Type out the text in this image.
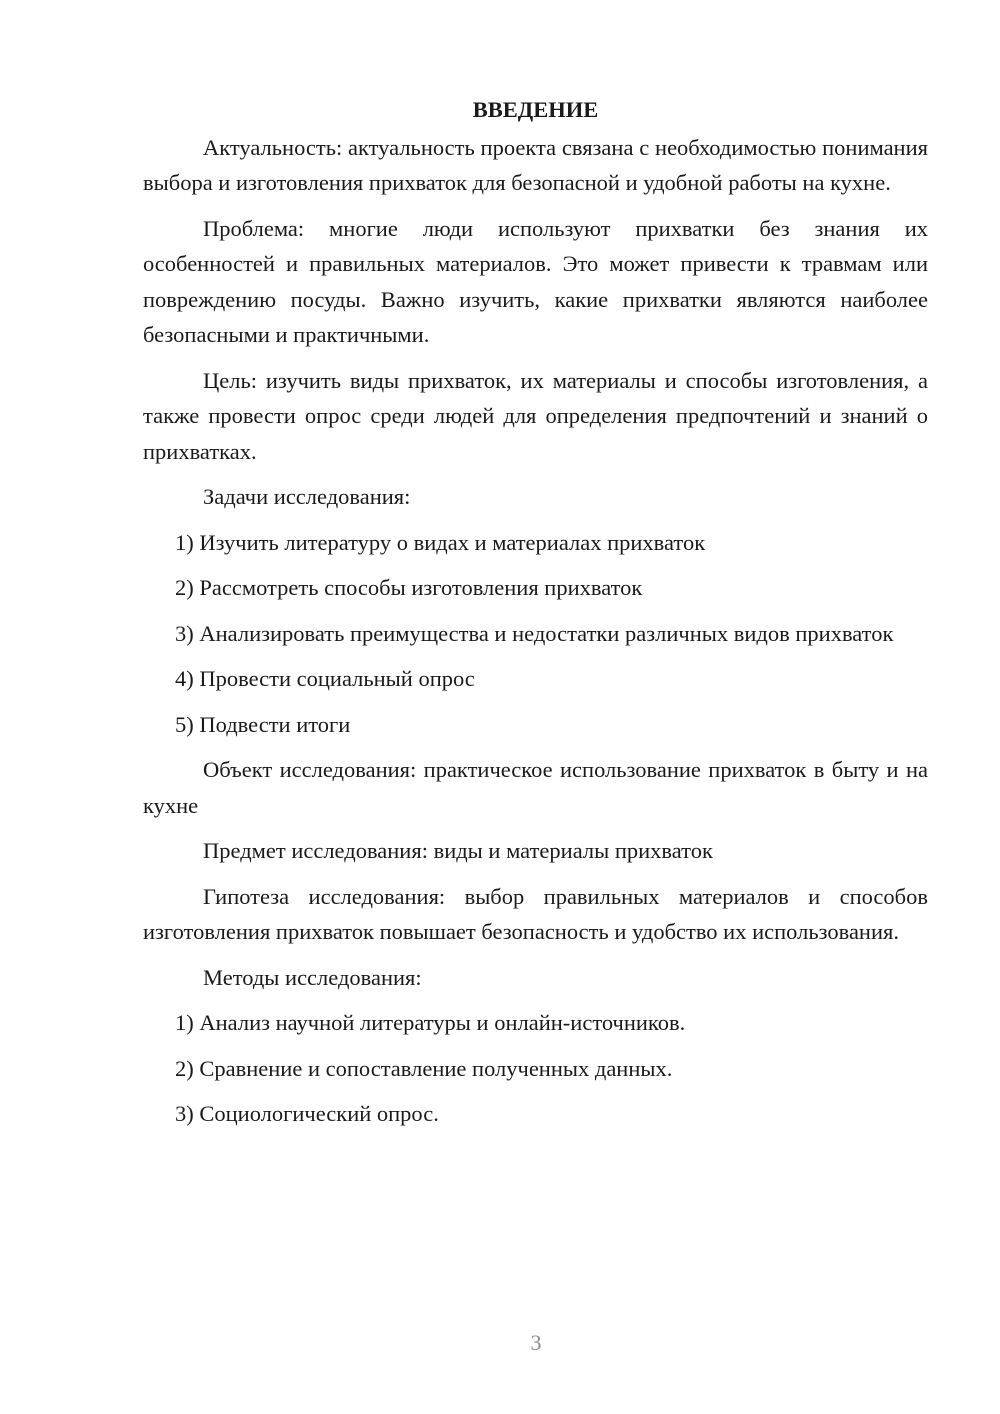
ВВЕДЕНИЕ

Актуальность: актуальность проекта связана с необходимостью понимания выбора и изготовления прихваток для безопасной и удобной работы на кухне.

Проблема: многие люди используют прихватки без знания их особенностей и правильных материалов. Это может привести к травмам или повреждению посуды. Важно изучить, какие прихватки являются наиболее безопасными и практичными.

Цель: изучить виды прихваток, их материалы и способы изготовления, а также провести опрос среди людей для определения предпочтений и знаний о прихватках.

Задачи исследования:

1) Изучить литературу о видах и материалах прихваток

2) Рассмотреть способы изготовления прихваток

3) Анализировать преимущества и недостатки различных видов прихваток

4) Провести социальный опрос

5) Подвести итоги

Объект исследования: практическое использование прихваток в быту и на кухне

Предмет исследования: виды и материалы прихваток

Гипотеза исследования: выбор правильных материалов и способов изготовления прихваток повышает безопасность и удобство их использования.

Методы исследования:

1) Анализ научной литературы и онлайн-источников.

2) Сравнение и сопоставление полученных данных.

3) Социологический опрос.

3
